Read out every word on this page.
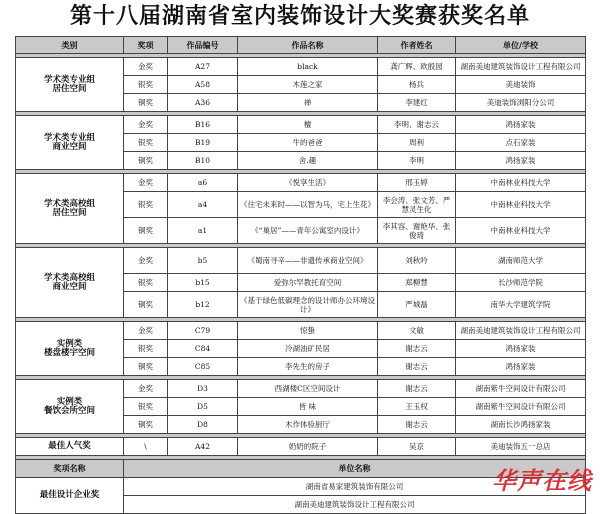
第十八届湖南省室内装饰设计大奖赛获奖名单
类别	奖项	作品编号	作品名称	作者姓名	单位/学校

学术类专业组
居住空间	金奖	A27	black	龚广辉、欧殷园	湖南美迪建筑装饰设计工程有限公司
	银奖	A58	木莲之家	杨兵	美迪装饰
	铜奖	A36	禅	李建红	美迪装饰浏阳分公司

学术类专业组
商业空间	金奖	B16	檀	李明、谢志云	鸿扬家装
	银奖	B19	牛的爸爸	周利	点石家装
	铜奖	B10	舍.趣	李明	鸿扬家装

学术类高校组
居住空间	金奖	a6	《悦享生活》	邢玉婷	中南林业科技大学
	银奖	a4	《住宅未来时——以智为马，宅上生花》	李会涛、张文芳、严慧灵生化	中南林业科技大学
	铜奖	a1	《“巢居”——青年公寓室内设计》	李其容、谢艳华、张俊琦	中南林业科技大学

学术类高校组
商业空间	金奖	b5	《蜀南寻辛——非遗传承商业空间》	刘秋吟	湖南师范大学
	银奖	b15	爱弥尔罕教托育空间	郑柳慧	长沙师范学院
	铜奖	b12	《基于绿色低碳理念的设计师办公环境设计》	严城磊	南华大学建筑学院

实例类
楼盘楼宇空间	金奖	C79	惊蛰	文敏	湖南美迪建筑装饰设计工程有限公司
	银奖	C84	冷湖油矿民居	谢志云	鸿扬家装
	铜奖	C85	李先生的房子	谢志云	鸿扬家装

实例类
餐饮会所空间	金奖	D3	西湖楼C区空间设计	谢志云	湖南紫牛空间设计有限公司
	银奖	D5	皆 味	王玉权	湖南紫牛空间设计有限公司
	铜奖	D8	木作体验厨厅	谢志云	湖南长沙鸿扬家装

最佳人气奖	\	A42	奶奶的院子	吴京	美迪装饰五一总店

奖项名称	单位名称				
最佳设计企业奖	湖南省易家建筑装饰有限公司				
	湖南美迪建筑装饰设计工程有限公司				
华声在线
